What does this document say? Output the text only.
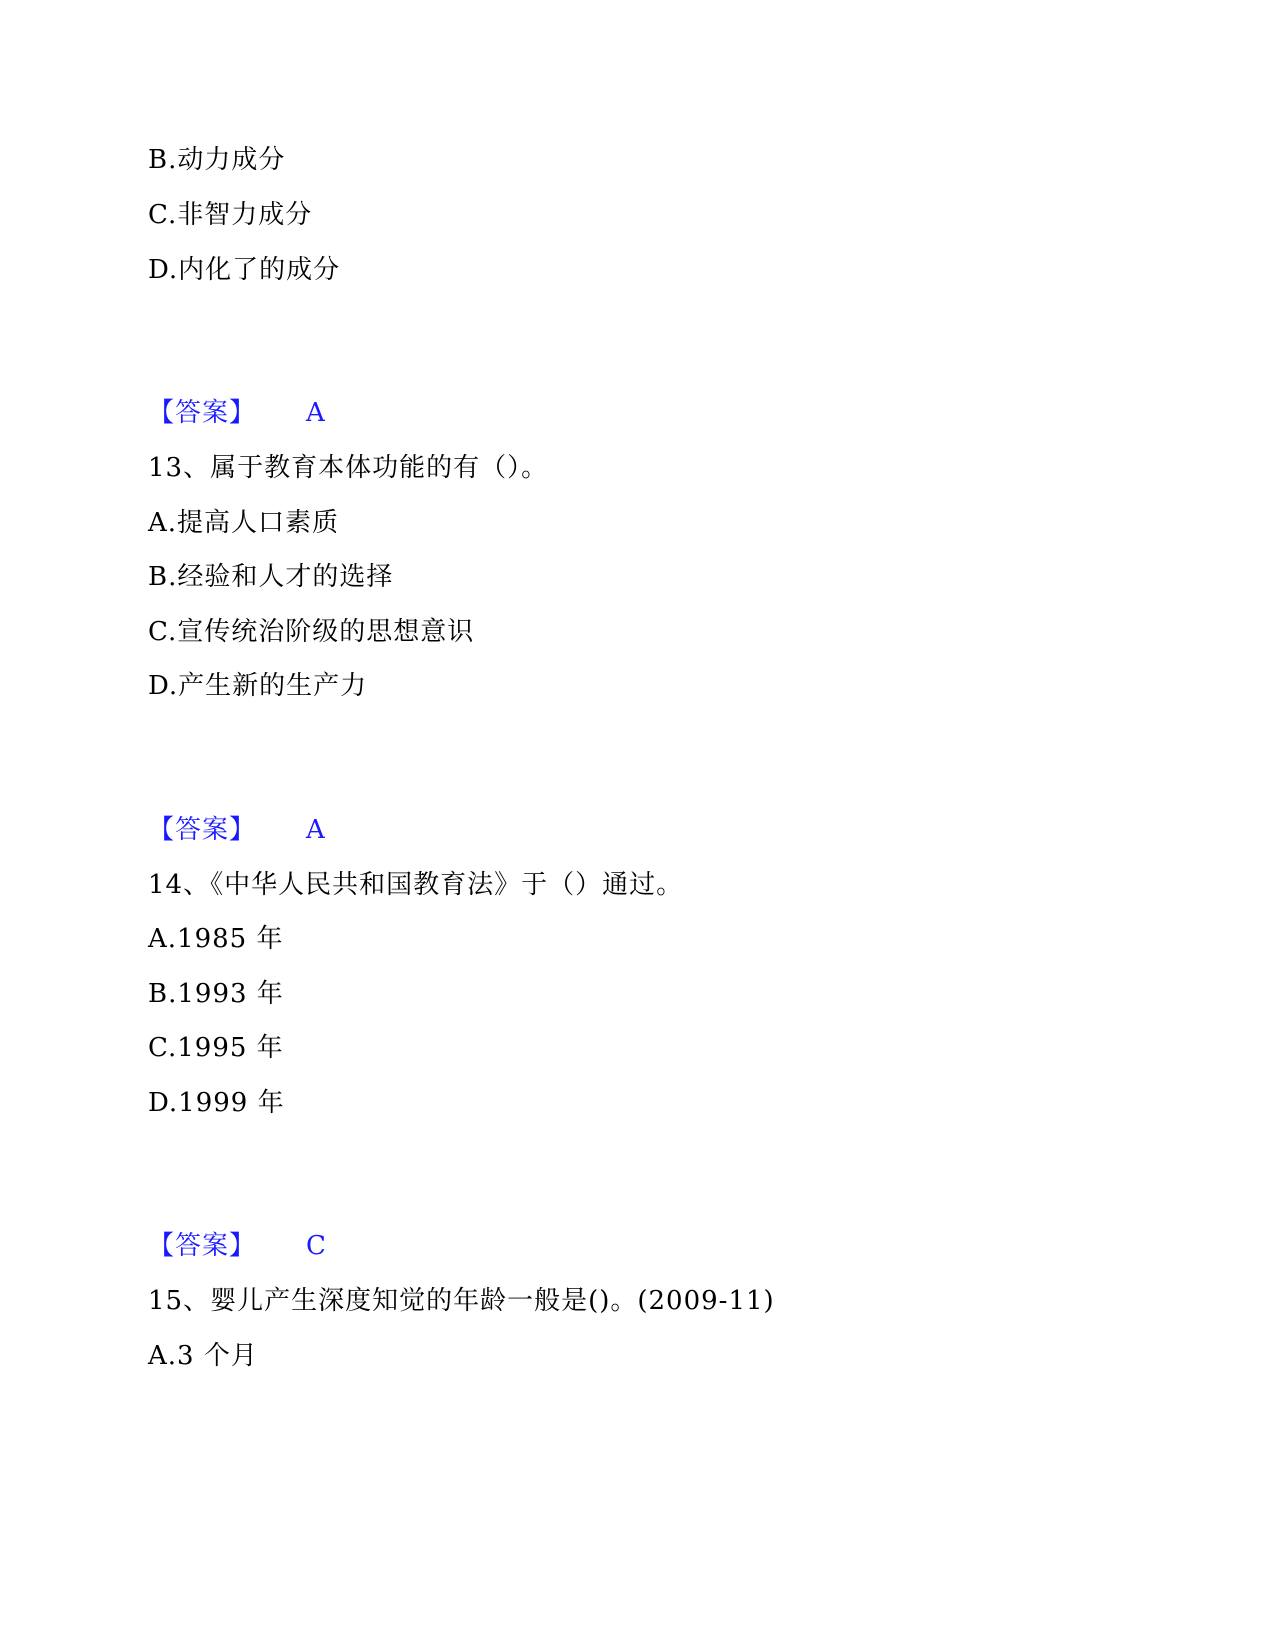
B.动力成分
C.非智力成分
D.内化了的成分
【答案】 A
13、属于教育本体功能的有（）。
A.提高人口素质
B.经验和人才的选择
C.宣传统治阶级的思想意识
D.产生新的生产力
【答案】 A
14、《中华人民共和国教育法》于（）通过。
A.1985 年
B.1993 年
C.1995 年
D.1999 年
【答案】 C
15、婴儿产生深度知觉的年龄一般是()。(2009-11)
A.3 个月
